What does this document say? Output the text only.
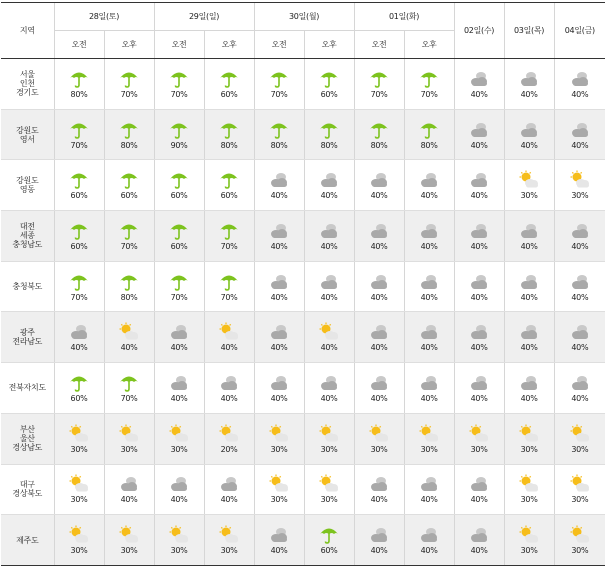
지역	28일(토)		29일(일)		30일(월)		01일(화)		02일(수)	03일(목)	04일(금)
	오전	오후	오전	오후	오전	오후	오전	오후			
서울
인천
경기도	80%	70%	70%	60%	70%	60%	70%	70%	40%	40%	40%

강원도
영서	70%	80%	90%	80%	80%	80%	80%	80%	40%	40%	40%

강원도
영동	60%	60%	60%	60%	40%	40%	40%	40%	40%	30%	30%

대전
세종
충청남도	60%	70%	60%	70%	40%	40%	40%	40%	40%	40%	40%

충청북도	70%	80%	70%	70%	40%	40%	40%	40%	40%	40%	40%

광주
전라남도	40%	40%	40%	40%	40%	40%	40%	40%	40%	40%	40%

전북자치도	60%	70%	40%	40%	40%	40%	40%	40%	40%	40%	40%

부산
울산
경상남도	30%	30%	30%	20%	30%	30%	30%	30%	30%	30%	30%

대구
경상북도	30%	40%	40%	40%	30%	30%	40%	40%	40%	30%	30%

제주도	30%	30%	30%	30%	40%	60%	40%	40%	40%	30%	30%
